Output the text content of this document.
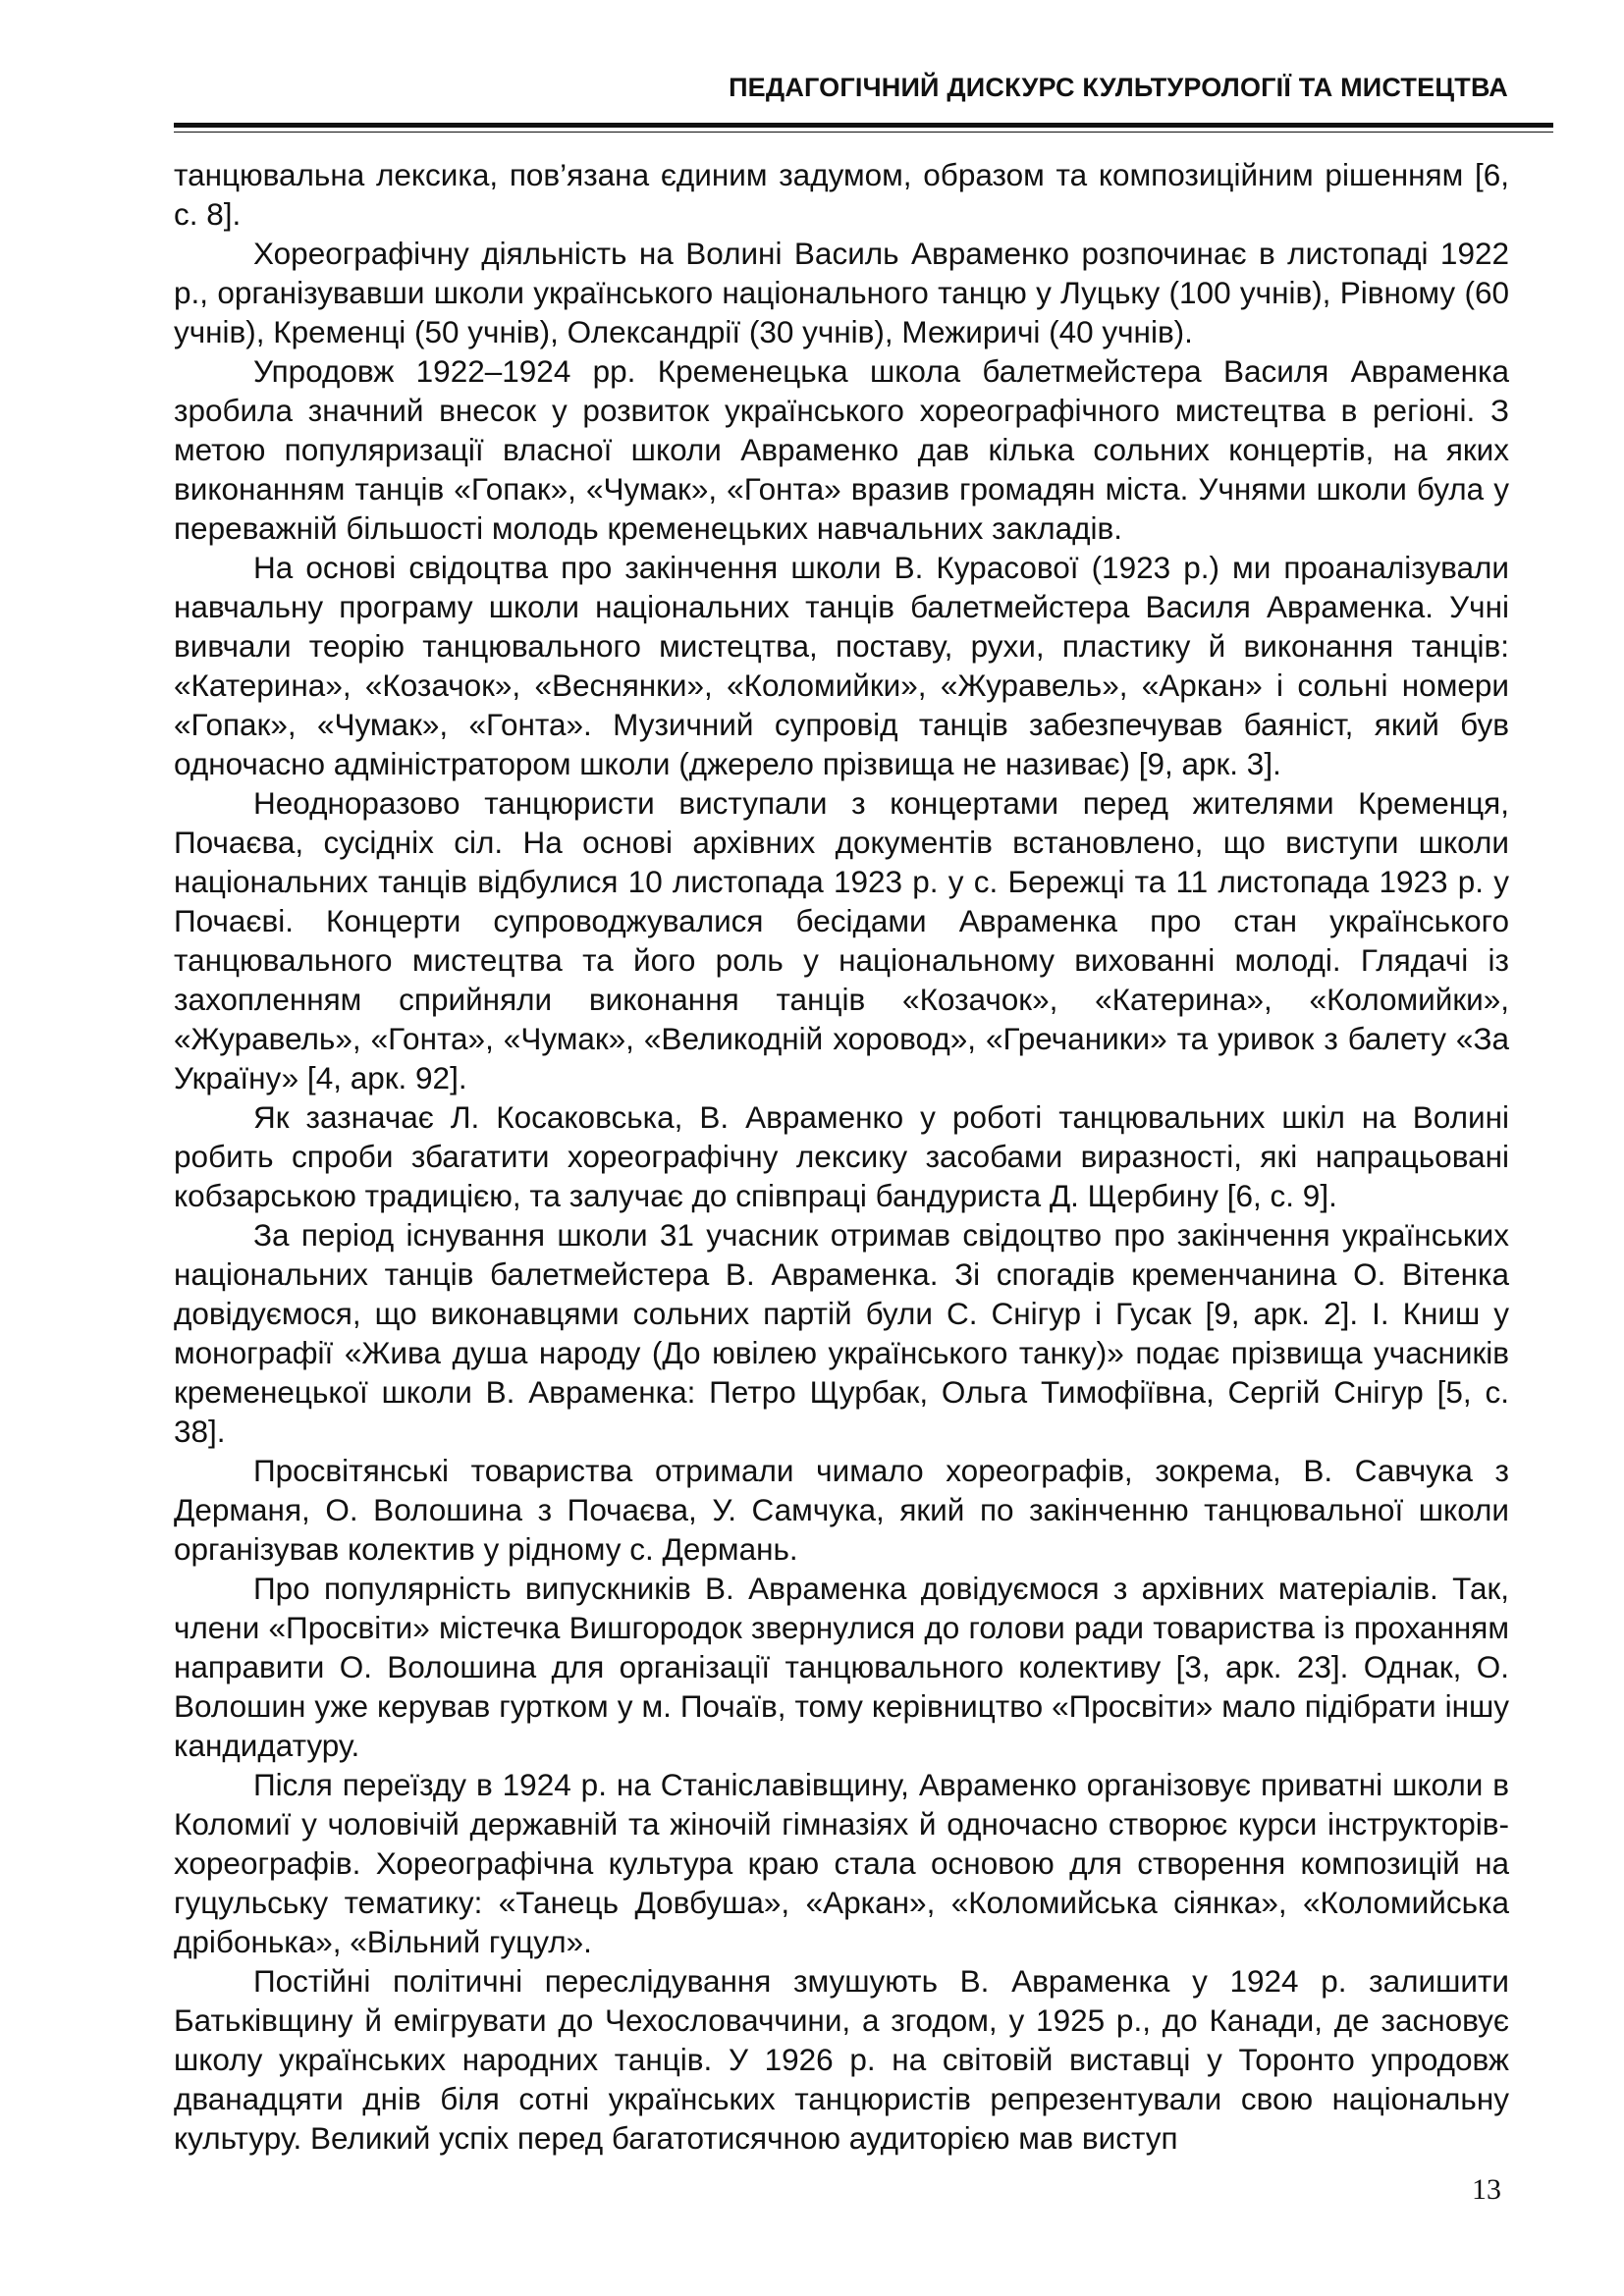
ПЕДАГОГІЧНИЙ ДИСКУРС КУЛЬТУРОЛОГІЇ ТА МИСТЕЦТВА

танцювальна лексика, пов’язана єдиним задумом, образом та композиційним рішенням [6, с. 8].

Хореографічну діяльність на Волині Василь Авраменко розпочинає в листопаді 1922 р., організувавши школи українського національного танцю у Луцьку (100 учнів), Рівному (60 учнів), Кременці (50 учнів), Олександрії (30 учнів), Межиричі (40 учнів).

Упродовж 1922–1924 рр. Кременецька школа балетмейстера Василя Авраменка зробила значний внесок у розвиток українського хореографічного мистецтва в регіоні. З метою популяризації власної школи Авраменко дав кілька сольних концертів, на яких виконанням танців «Гопак», «Чумак», «Гонта» вразив громадян міста. Учнями школи була у переважній більшості молодь кременецьких навчальних закладів.

На основі свідоцтва про закінчення школи В. Курасової (1923 р.) ми проаналізували навчальну програму школи національних танців балетмейстера Василя Авраменка. Учні вивчали теорію танцювального мистецтва, поставу, рухи, пластику й виконання танців: «Катерина», «Козачок», «Веснянки», «Коломийки», «Журавель», «Аркан» і сольні номери «Гопак», «Чумак», «Гонта». Музичний супровід танців забезпечував баяніст, який був одночасно адміністратором школи (джерело прізвища не називає) [9, арк. 3].

Неодноразово танцюристи виступали з концертами перед жителями Кременця, Почаєва, сусідніх сіл. На основі архівних документів встановлено, що виступи школи національних танців відбулися 10 листопада 1923 р. у с. Бережці та 11 листопада 1923 р. у Почаєві. Концерти супроводжувалися бесідами Авраменка про стан українського танцювального мистецтва та його роль у національному вихованні молоді. Глядачі із захопленням сприйняли виконання танців «Козачок», «Катерина», «Коломийки», «Журавель», «Гонта», «Чумак», «Великодній хоровод», «Гречаники» та уривок з балету «За Україну» [4, арк. 92].

Як зазначає Л. Косаковська, В. Авраменко у роботі танцювальних шкіл на Волині робить спроби збагатити хореографічну лексику засобами виразності, які напрацьовані кобзарською традицією, та залучає до співпраці бандуриста Д. Щербину [6, с. 9].

За період існування школи 31 учасник отримав свідоцтво про закінчення українських національних танців балетмейстера В. Авраменка. Зі спогадів кременчанина О. Вітенка довідуємося, що виконавцями сольних партій були С. Снігур і Гусак [9, арк. 2]. І. Книш у монографії «Жива душа народу (До ювілею українського танку)» подає прізвища учасників кременецької школи В. Авраменка: Петро Щурбак, Ольга Тимофіївна, Сергій Снігур [5, с. 38].

Просвітянські товариства отримали чимало хореографів, зокрема, В. Савчука з Дерманя, О. Волошина з Почаєва, У. Самчука, який по закінченню танцювальної школи організував колектив у рідному с. Дермань.

Про популярність випускників В. Авраменка довідуємося з архівних матеріалів. Так, члени «Просвіти» містечка Вишгородок звернулися до голови ради товариства із проханням направити О. Волошина для організації танцювального колективу [3, арк. 23]. Однак, О. Волошин уже керував гуртком у м. Почаїв, тому керівництво «Просвіти» мало підібрати іншу кандидатуру.

Після переїзду в 1924 р. на Станіславівщину, Авраменко організовує приватні школи в Коломиї у чоловічій державній та жіночій гімназіях й одночасно створює курси інструкторів-хореографів. Хореографічна культура краю стала основою для створення композицій на гуцульську тематику: «Танець Довбуша», «Аркан», «Коломийська сіянка», «Коломийська дрібонька», «Вільний гуцул».

Постійні політичні переслідування змушують В. Авраменка у 1924 р. залишити Батьківщину й емігрувати до Чехословаччини, а згодом, у 1925 р., до Канади, де засновує школу українських народних танців. У 1926 р. на світовій виставці у Торонто упродовж дванадцяти днів біля сотні українських танцюристів репрезентували свою національну культуру. Великий успіх перед багатотисячною аудиторією мав виступ

13
